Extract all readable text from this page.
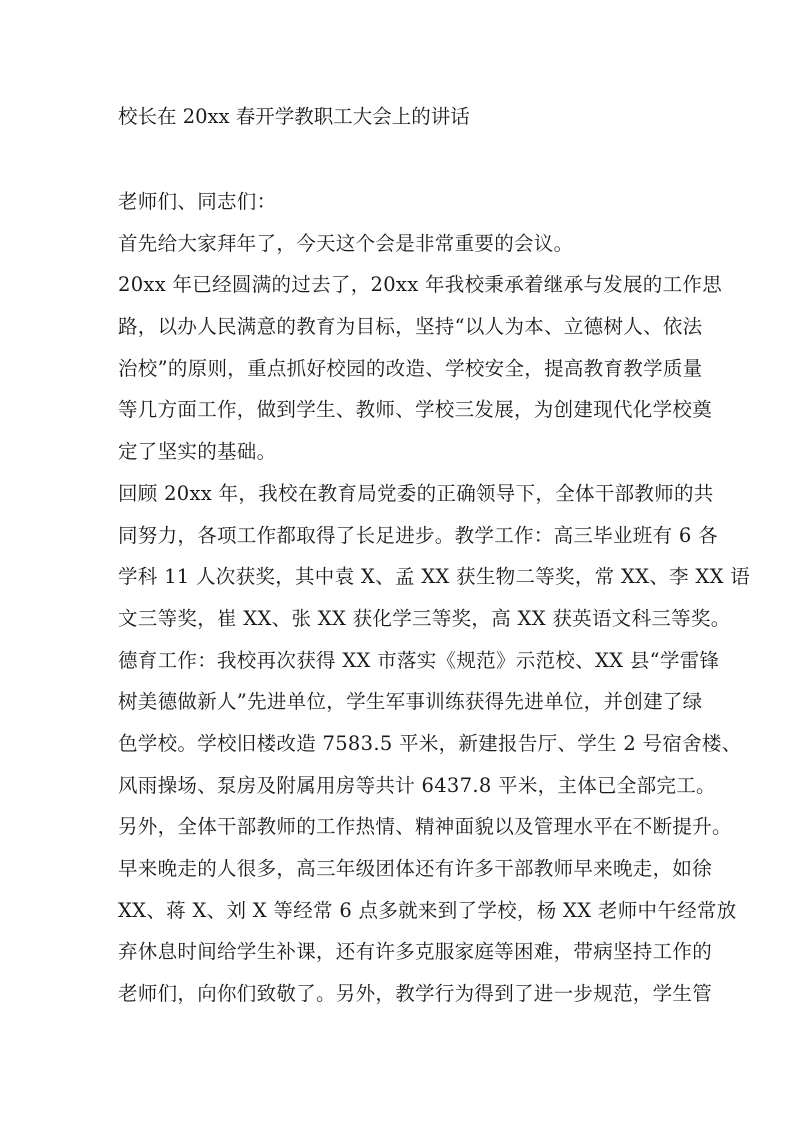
校长在 20xx 春开学教职工大会上的讲话
老师们、同志们：
首先给大家拜年了，今天这个会是非常重要的会议。
20xx 年已经圆满的过去了，20xx 年我校秉承着继承与发展的工作思
路，以办人民满意的教育为目标，坚持“以人为本、立德树人、依法
治校”的原则，重点抓好校园的改造、学校安全，提高教育教学质量
等几方面工作，做到学生、教师、学校三发展，为创建现代化学校奠
定了坚实的基础。
回顾 20xx 年，我校在教育局党委的正确领导下，全体干部教师的共
同努力，各项工作都取得了长足进步。教学工作：高三毕业班有 6 各
学科 11 人次获奖，其中袁 X、孟 XX 获生物二等奖，常 XX、李 XX 语
文三等奖，崔 XX、张 XX 获化学三等奖，高 XX 获英语文科三等奖。
德育工作：我校再次获得 XX 市落实《规范》示范校、XX 县“学雷锋
树美德做新人”先进单位，学生军事训练获得先进单位，并创建了绿
色学校。学校旧楼改造 7583.5 平米，新建报告厅、学生 2 号宿舍楼、
风雨操场、泵房及附属用房等共计 6437.8 平米，主体已全部完工。
另外，全体干部教师的工作热情、精神面貌以及管理水平在不断提升。
早来晚走的人很多，高三年级团体还有许多干部教师早来晚走，如徐
XX、蒋 X、刘 X 等经常 6 点多就来到了学校，杨 XX 老师中午经常放
弃休息时间给学生补课，还有许多克服家庭等困难，带病坚持工作的
老师们，向你们致敬了。另外，教学行为得到了进一步规范，学生管
